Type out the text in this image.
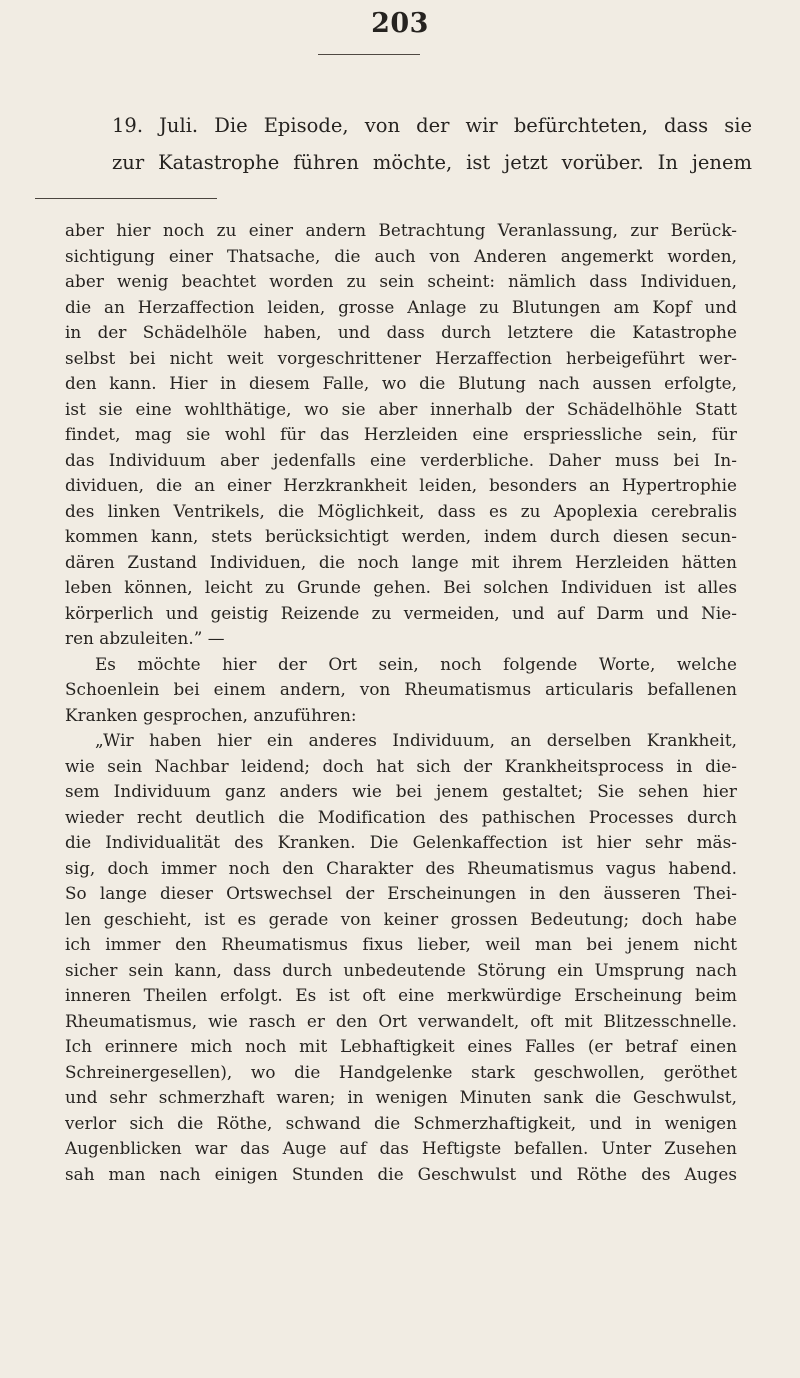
203
19. Juli. Die Episode, von der wir befürchteten, dass sie
zur Katastrophe führen möchte, ist jetzt vorüber. In jenem
aber hier noch zu einer andern Betrachtung Veranlassung, zur Berück-
sichtigung einer Thatsache, die auch von Anderen angemerkt worden,
aber wenig beachtet worden zu sein scheint: nämlich dass Individuen,
die an Herzaffection leiden, grosse Anlage zu Blutungen am Kopf und
in der Schädelhöle haben, und dass durch letztere die Katastrophe
selbst bei nicht weit vorgeschrittener Herzaffection herbeigeführt wer-
den kann. Hier in diesem Falle, wo die Blutung nach aussen erfolgte,
ist sie eine wohlthätige, wo sie aber innerhalb der Schädelhöhle Statt
findet, mag sie wohl für das Herzleiden eine erspriessliche sein, für
das Individuum aber jedenfalls eine verderbliche. Daher muss bei In-
dividuen, die an einer Herzkrankheit leiden, besonders an Hypertrophie
des linken Ventrikels, die Möglichkeit, dass es zu Apoplexia cerebralis
kommen kann, stets berücksichtigt werden, indem durch diesen secun-
dären Zustand Individuen, die noch lange mit ihrem Herzleiden hätten
leben können, leicht zu Grunde gehen. Bei solchen Individuen ist alles
körperlich und geistig Reizende zu vermeiden, und auf Darm und Nie-
ren abzuleiten.” —
Es möchte hier der Ort sein, noch folgende Worte, welche
Schoenlein bei einem andern, von Rheumatismus articularis befallenen
Kranken gesprochen, anzuführen:
„Wir haben hier ein anderes Individuum, an derselben Krankheit,
wie sein Nachbar leidend; doch hat sich der Krankheitsprocess in die-
sem Individuum ganz anders wie bei jenem gestaltet; Sie sehen hier
wieder recht deutlich die Modification des pathischen Processes durch
die Individualität des Kranken. Die Gelenkaffection ist hier sehr mäs-
sig, doch immer noch den Charakter des Rheumatismus vagus habend.
So lange dieser Ortswechsel der Erscheinungen in den äusseren Thei-
len geschieht, ist es gerade von keiner grossen Bedeutung; doch habe
ich immer den Rheumatismus fixus lieber, weil man bei jenem nicht
sicher sein kann, dass durch unbedeutende Störung ein Umsprung nach
inneren Theilen erfolgt. Es ist oft eine merkwürdige Erscheinung beim
Rheumatismus, wie rasch er den Ort verwandelt, oft mit Blitzesschnelle.
Ich erinnere mich noch mit Lebhaftigkeit eines Falles (er betraf einen
Schreinergesellen), wo die Handgelenke stark geschwollen, geröthet
und sehr schmerzhaft waren; in wenigen Minuten sank die Geschwulst,
verlor sich die Röthe, schwand die Schmerzhaftigkeit, und in wenigen
Augenblicken war das Auge auf das Heftigste befallen. Unter Zusehen
sah man nach einigen Stunden die Geschwulst und Röthe des Auges
